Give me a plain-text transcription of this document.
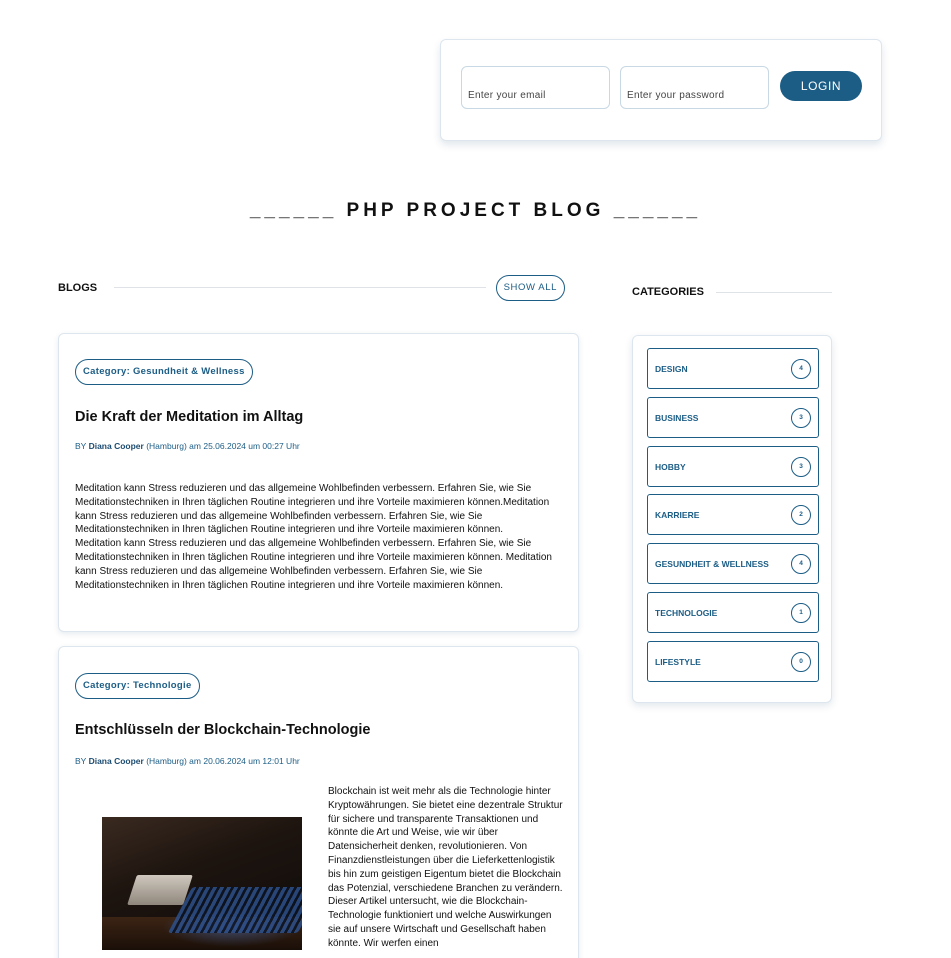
Enter your email
LOGIN
______ PHP PROJECT BLOG ______
BLOGS	SHOW ALL	CATEGORIES
Category: Gesundheit & Wellness
Die Kraft der Meditation im Alltag
BY Diana Cooper (Hamburg) am 25.06.2024 um 00:27 Uhr

Meditation kann Stress reduzieren und das allgemeine Wohlbefinden verbessern. Erfahren Sie, wie Sie Meditationstechniken in Ihren täglichen Routine integrieren und ihre Vorteile maximieren können.Meditation kann Stress reduzieren und das allgemeine Wohlbefinden verbessern. Erfahren Sie, wie Sie Meditationstechniken in Ihren täglichen Routine integrieren und ihre Vorteile maximieren können.

Meditation kann Stress reduzieren und das allgemeine Wohlbefinden verbessern. Erfahren Sie, wie Sie Meditationstechniken in Ihren täglichen Routine integrieren und ihre Vorteile maximieren können. Meditation kann Stress reduzieren und das allgemeine Wohlbefinden verbessern. Erfahren Sie, wie Sie Meditationstechniken in Ihren täglichen Routine integrieren und ihre Vorteile maximieren können.

Category: Technologie
Entschlüsseln der Blockchain-Technologie
BY Diana Cooper (Hamburg) am 20.06.2024 um 12:01 Uhr

Blockchain ist weit mehr als die Technologie hinter Kryptowährungen. Sie bietet eine dezentrale Struktur für sichere und transparente Transaktionen und könnte die Art und Weise, wie wir über Datensicherheit denken, revolutionieren. Von Finanzdienstleistungen über die Lieferkettenlogistik bis hin zum geistigen Eigentum bietet die Blockchain das Potenzial, verschiedene Branchen zu verändern.

Dieser Artikel untersucht, wie die Blockchain-Technologie funktioniert und welche Auswirkungen sie auf unsere Wirtschaft und Gesellschaft haben könnte. Wir werfen einen

DESIGN	4
BUSINESS	3
HOBBY	3
KARRIERE	2
GESUNDHEIT & WELLNESS	4
TECHNOLOGIE	1
LIFESTYLE	0
